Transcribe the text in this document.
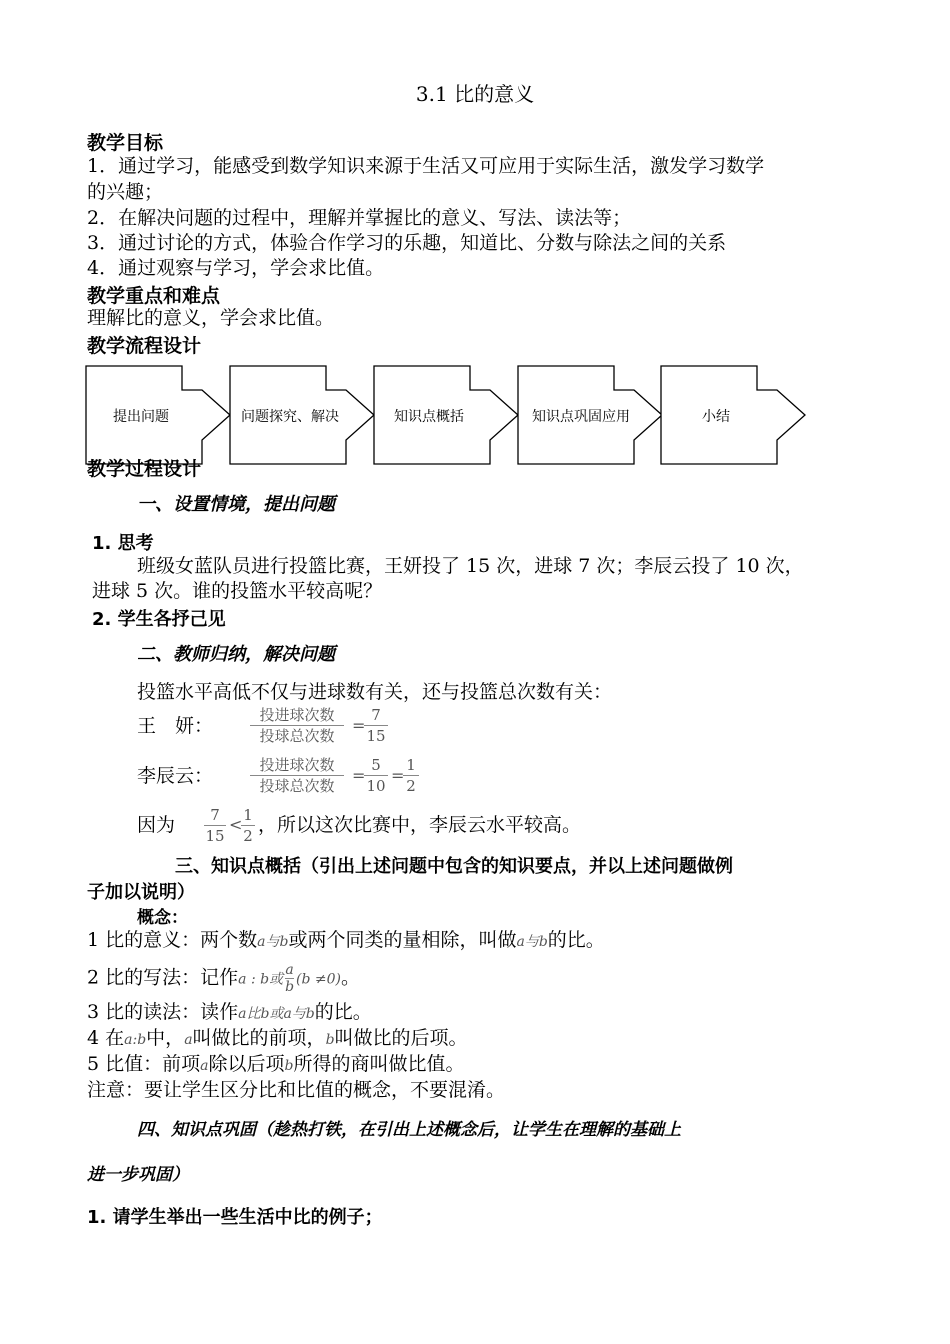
3.1 比的意义
教学目标
1．通过学习，能感受到数学知识来源于生活又可应用于实际生活，激发学习数学
的兴趣；
2．在解决问题的过程中，理解并掌握比的意义、写法、读法等；
3．通过讨论的方式，体验合作学习的乐趣，知道比、分数与除法之间的关系
4．通过观察与学习，学会求比值。
教学重点和难点
理解比的意义，学会求比值。
教学流程设计
提出问题	问题探究、解决	知识点概括	知识点巩固应用	小结
教学过程设计
一、设置情境，提出问题
1. 思考
班级女蓝队员进行投篮比赛，王妍投了 15 次，进球 7 次；李辰云投了 10 次，
进球 5 次。谁的投篮水平较高呢？
2. 学生各抒己见
二、教师归纳，解决问题
投篮水平高低不仅与进球数有关，还与投篮总次数有关：
王　妍：	投进球次数
投球总次数
=
$\frac{7}{15}$
李辰云：	投进球次数
投球总次数
=
$\frac{5}{10}$ =
$\frac{1}{2}$
因为 $\frac{7}{15}$ <
$\frac{1}{2}$ ，所以这次比赛中，李辰云水平较高。
三、知识点概括（引出上述问题中包含的知识要点，并以上述问题做例
子加以说明）
概念：
1 比的意义：两个数a与b或两个同类的量相除，叫做a与b的比。
2 比的写法：记作a : b或 $\frac{a}{b} (b \ne 0)$。
3 比的读法：读作a比b或a与b的比。
4 在a:b中，a叫做比的前项，b叫做比的后项。
5 比值：前项a除以后项b所得的商叫做比值。
注意：要让学生区分比和比值的概念，不要混淆。
四、知识点巩固（趁热打铁，在引出上述概念后，让学生在理解的基础上
进一步巩固）
1. 请学生举出一些生活中比的例子；
